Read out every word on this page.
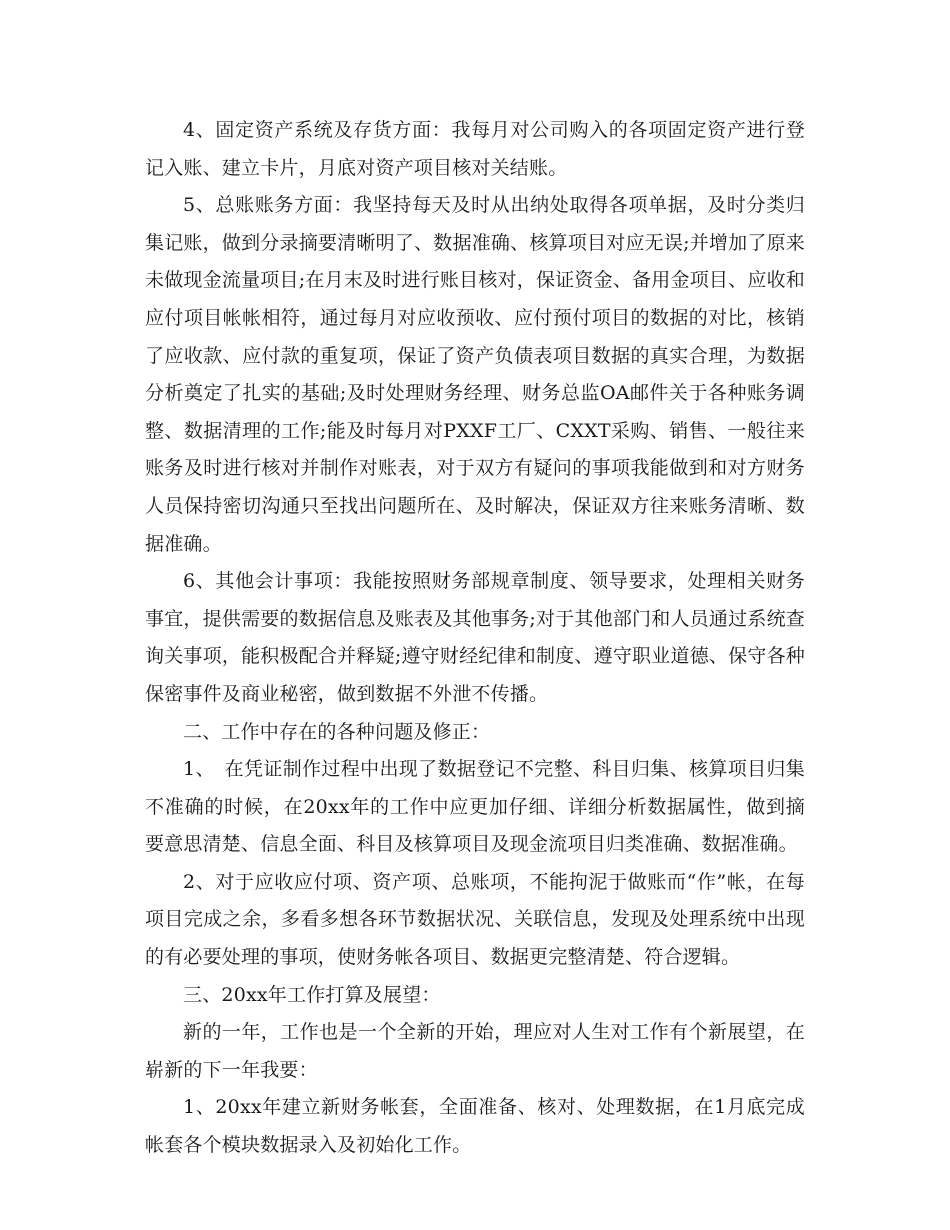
4、固定资产系统及存货方面：我每月对公司购入的各项固定资产进行登记入账、建立卡片，月底对资产项目核对关结账。

5、总账账务方面：我坚持每天及时从出纳处取得各项单据，及时分类归集记账，做到分录摘要清晰明了、数据准确、核算项目对应无误;并增加了原来未做现金流量项目;在月末及时进行账目核对，保证资金、备用金项目、应收和应付项目帐帐相符，通过每月对应收预收、应付预付项目的数据的对比，核销了应收款、应付款的重复项，保证了资产负债表项目数据的真实合理，为数据分析奠定了扎实的基础;及时处理财务经理、财务总监OA邮件关于各种账务调整、数据清理的工作;能及时每月对PXXF工厂、CXXT采购、销售、一般往来账务及时进行核对并制作对账表，对于双方有疑问的事项我能做到和对方财务人员保持密切沟通只至找出问题所在、及时解决，保证双方往来账务清晰、数据准确。

6、其他会计事项：我能按照财务部规章制度、领导要求，处理相关财务事宜，提供需要的数据信息及账表及其他事务;对于其他部门和人员通过系统查询关事项，能积极配合并释疑;遵守财经纪律和制度、遵守职业道德、保守各种保密事件及商业秘密，做到数据不外泄不传播。

二、工作中存在的各种问题及修正：

1、　在凭证制作过程中出现了数据登记不完整、科目归集、核算项目归集不准确的时候，在20xx年的工作中应更加仔细、详细分析数据属性，做到摘要意思清楚、信息全面、科目及核算项目及现金流项目归类准确、数据准确。

2、对于应收应付项、资产项、总账项，不能拘泥于做账而“作”帐，在每项目完成之余，多看多想各环节数据状况、关联信息，发现及处理系统中出现的有必要处理的事项，使财务帐各项目、数据更完整清楚、符合逻辑。

三、20xx年工作打算及展望：

新的一年，工作也是一个全新的开始，理应对人生对工作有个新展望，在崭新的下一年我要：

1、20xx年建立新财务帐套，全面准备、核对、处理数据，在1月底完成帐套各个模块数据录入及初始化工作。
